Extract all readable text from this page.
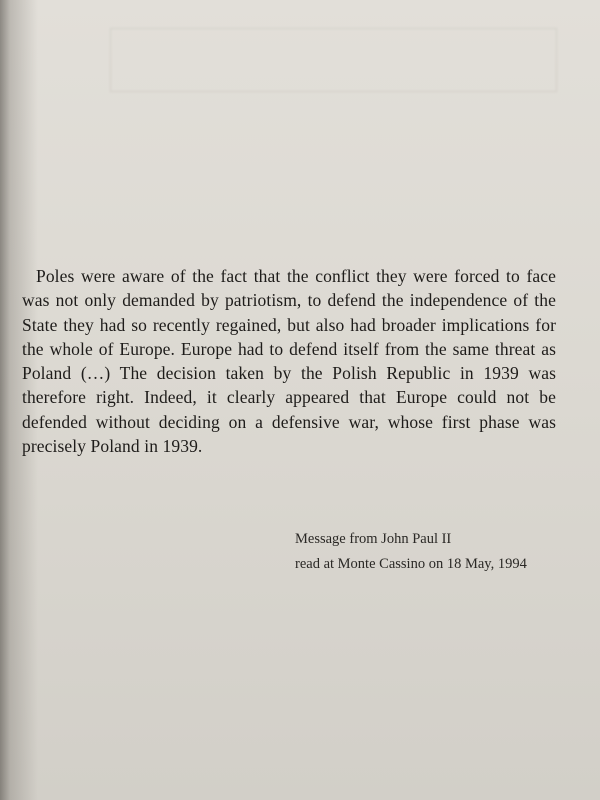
Poles were aware of the fact that the conflict they were forced to face was not only demanded by patriotism, to defend the independence of the State they had so recently regained, but also had broader implications for the whole of Europe. Europe had to defend itself from the same threat as Poland (…) The decision taken by the Polish Republic in 1939 was therefore right. Indeed, it clearly appeared that Europe could not be defended without deciding on a defensive war, whose first phase was precisely Poland in 1939.

Message from John Paul II
read at Monte Cassino on 18 May, 1994
